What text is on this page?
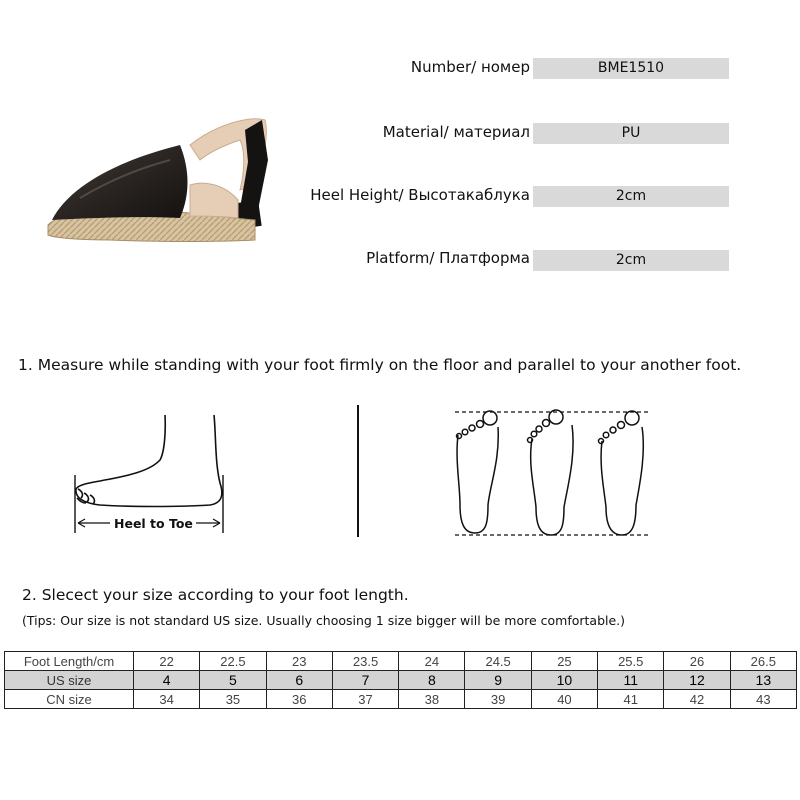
Number/ номер	BME1510
Material/ материал	PU
Heel Height/ Высотакаблука	2cm
Platform/ Платформа	2cm
1. Measure while standing with your foot firmly on the floor and parallel to your another foot.
Heel to Toe
2. Slecect your size according to your foot length.
(Tips: Our size is not standard US size. Usually choosing 1 size bigger will be more comfortable.)
Foot Length/cm	22	22.5	23	23.5	24	24.5	25	25.5	26	26.5
US size	4	5	6	7	8	9	10	11	12	13
CN size	34	35	36	37	38	39	40	41	42	43
